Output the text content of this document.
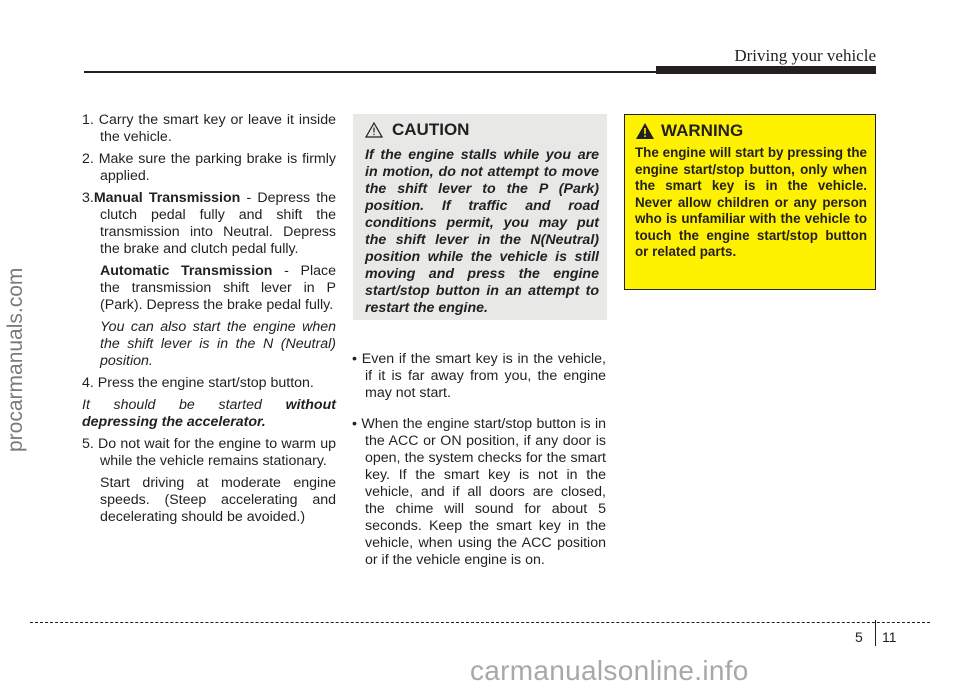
Driving your vehicle
procarmanuals.com

1. Carry the smart key or leave it inside the vehicle.

2. Make sure the parking brake is firmly applied.

3.Manual Transmission - Depress the clutch pedal fully and shift the transmission into Neutral. Depress the brake and clutch pedal fully.

Automatic Transmission - Place the transmission shift lever in P (Park). Depress the brake pedal fully.

You can also start the engine when the shift lever is in the N (Neutral) position.

4. Press the engine start/stop button.

It should be started without depressing the accelerator.

5. Do not wait for the engine to warm up while the vehicle remains stationary.

Start driving at moderate engine speeds. (Steep accelerating and decelerating should be avoided.)

CAUTION
If the engine stalls while you are in motion, do not attempt to move the shift lever to the P (Park) position. If traffic and road conditions permit, you may put the shift lever in the N(Neutral) position while the vehicle is still moving and press the engine start/stop button in an attempt to restart the engine.

• Even if the smart key is in the vehicle, if it is far away from you, the engine may not start.

• When the engine start/stop button is in the ACC or ON position, if any door is open, the system checks for the smart key. If the smart key is not in the vehicle, and if all doors are closed, the chime will sound for about 5 seconds. Keep the smart key in the vehicle, when using the ACC position or if the vehicle engine is on.

WARNING
The engine will start by pressing the engine start/stop button, only when the smart key is in the vehicle. Never allow children or any person who is unfamiliar with the vehicle to touch the engine start/stop button or related parts.
5 11
carmanualsonline.info
